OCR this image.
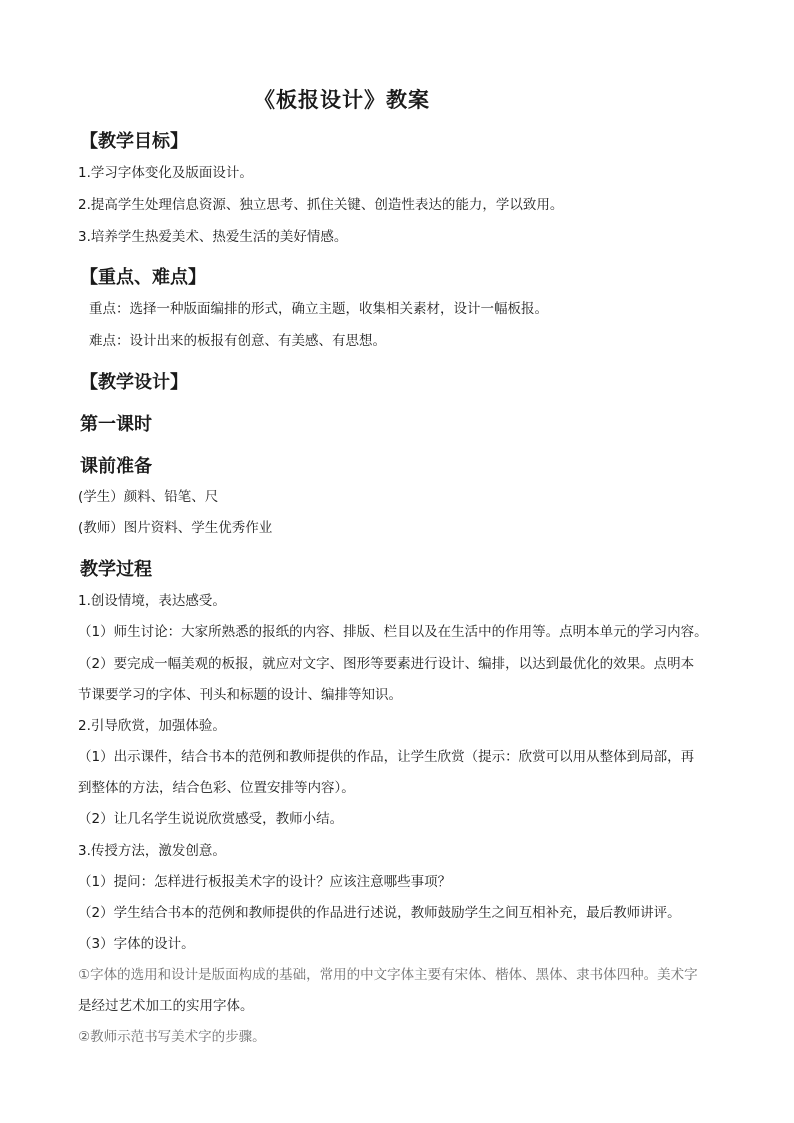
《板报设计》教案
【教学目标】
1.学习字体变化及版面设计。
2.提高学生处理信息资源、独立思考、抓住关键、创造性表达的能力，学以致用。
3.培养学生热爱美术、热爱生活的美好情感。
【重点、难点】
重点：选择一种版面编排的形式，确立主题，收集相关素材，设计一幅板报。
难点：设计出来的板报有创意、有美感、有思想。
【教学设计】
第一课时
课前准备
(学生）颜料、铅笔、尺
(教师）图片资料、学生优秀作业
教学过程
1.创设情境，表达感受。
（1）师生讨论：大家所熟悉的报纸的内容、排版、栏目以及在生活中的作用等。点明本单元的学习内容。
（2）要完成一幅美观的板报，就应对文字、图形等要素进行设计、编排，以达到最优化的效果。点明本
节课要学习的字体、刊头和标题的设计、编排等知识。
2.引导欣赏，加强体验。
（1）出示课件，结合书本的范例和教师提供的作品，让学生欣赏（提示：欣赏可以用从整体到局部，再
到整体的方法，结合色彩、位置安排等内容）。
（2）让几名学生说说欣赏感受，教师小结。
3.传授方法，激发创意。
（1）提问：怎样进行板报美术字的设计？应该注意哪些事项？
（2）学生结合书本的范例和教师提供的作品进行述说，教师鼓励学生之间互相补充，最后教师讲评。
（3）字体的设计。
①字体的选用和设计是版面构成的基础，常用的中文字体主要有宋体、楷体、黑体、隶书体四种。美术字
是经过艺术加工的实用字体。
②教师示范书写美术字的步骤。
